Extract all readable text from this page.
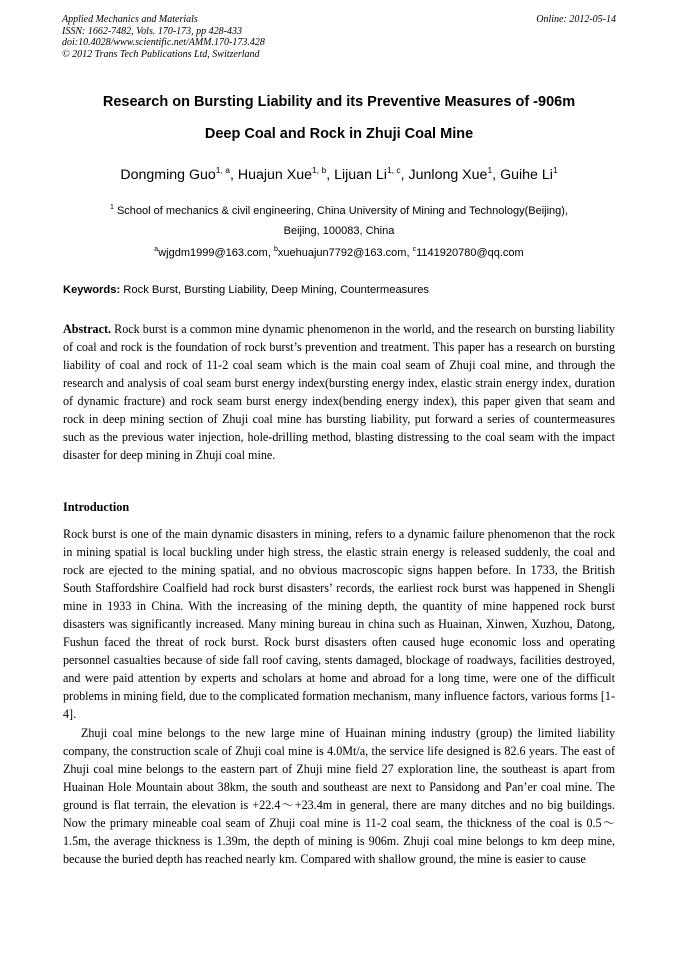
Applied Mechanics and Materials
ISSN: 1662-7482, Vols. 170-173, pp 428-433
doi:10.4028/www.scientific.net/AMM.170-173.428
© 2012 Trans Tech Publications Ltd, Switzerland
Online: 2012-05-14
Research on Bursting Liability and its Preventive Measures of -906m
Deep Coal and Rock in Zhuji Coal Mine
Dongming Guo$^{1, a}$, Huajun Xue$^{1, b}$, Lijuan Li$^{1, c}$, Junlong Xue$^1$, Guihe Li$^1$
$^1$ School of mechanics & civil engineering, China University of Mining and Technology(Beijing),
Beijing, 100083, China
$^a$wjgdm1999@163.com, $^b$xuehuajun7792@163.com, $^c$1141920780@qq.com
Keywords: Rock Burst, Bursting Liability, Deep Mining, Countermeasures
Abstract. Rock burst is a common mine dynamic phenomenon in the world, and the research on bursting liability of coal and rock is the foundation of rock burst’s prevention and treatment. This paper has a research on bursting liability of coal and rock of 11-2 coal seam which is the main coal seam of Zhuji coal mine, and through the research and analysis of coal seam burst energy index(bursting energy index, elastic strain energy index, duration of dynamic fracture) and rock seam burst energy index(bending energy index), this paper given that seam and rock in deep mining section of Zhuji coal mine has bursting liability, put forward a series of countermeasures such as the previous water injection, hole-drilling method, blasting distressing to the coal seam with the impact disaster for deep mining in Zhuji coal mine.
Introduction

Rock burst is one of the main dynamic disasters in mining, refers to a dynamic failure phenomenon that the rock in mining spatial is local buckling under high stress, the elastic strain energy is released suddenly, the coal and rock are ejected to the mining spatial, and no obvious macroscopic signs happen before. In 1733, the British South Staffordshire Coalfield had rock burst disasters’ records, the earliest rock burst was happened in Shengli mine in 1933 in China. With the increasing of the mining depth, the quantity of mine happened rock burst disasters was significantly increased. Many mining bureau in china such as Huainan, Xinwen, Xuzhou, Datong, Fushun faced the threat of rock burst. Rock burst disasters often caused huge economic loss and operating personnel casualties because of side fall roof caving, stents damaged, blockage of roadways, facilities destroyed, and were paid attention by experts and scholars at home and abroad for a long time, were one of the difficult problems in mining field, due to the complicated formation mechanism, many influence factors, various forms [1-4].

Zhuji coal mine belongs to the new large mine of Huainan mining industry (group) the limited liability company, the construction scale of Zhuji coal mine is 4.0Mt/a, the service life designed is 82.6 years. The east of Zhuji coal mine belongs to the eastern part of Zhuji mine field 27 exploration line, the southeast is apart from Huainan Hole Mountain about 38km, the south and southeast are next to Pansidong and Pan’er coal mine. The ground is flat terrain, the elevation is +22.4～+23.4m in general, there are many ditches and no big buildings. Now the primary mineable coal seam of Zhuji coal mine is 11-2 coal seam, the thickness of the coal is 0.5～1.5m, the average thickness is 1.39m, the depth of mining is 906m. Zhuji coal mine belongs to km deep mine, because the buried depth has reached nearly km. Compared with shallow ground, the mine is easier to cause
